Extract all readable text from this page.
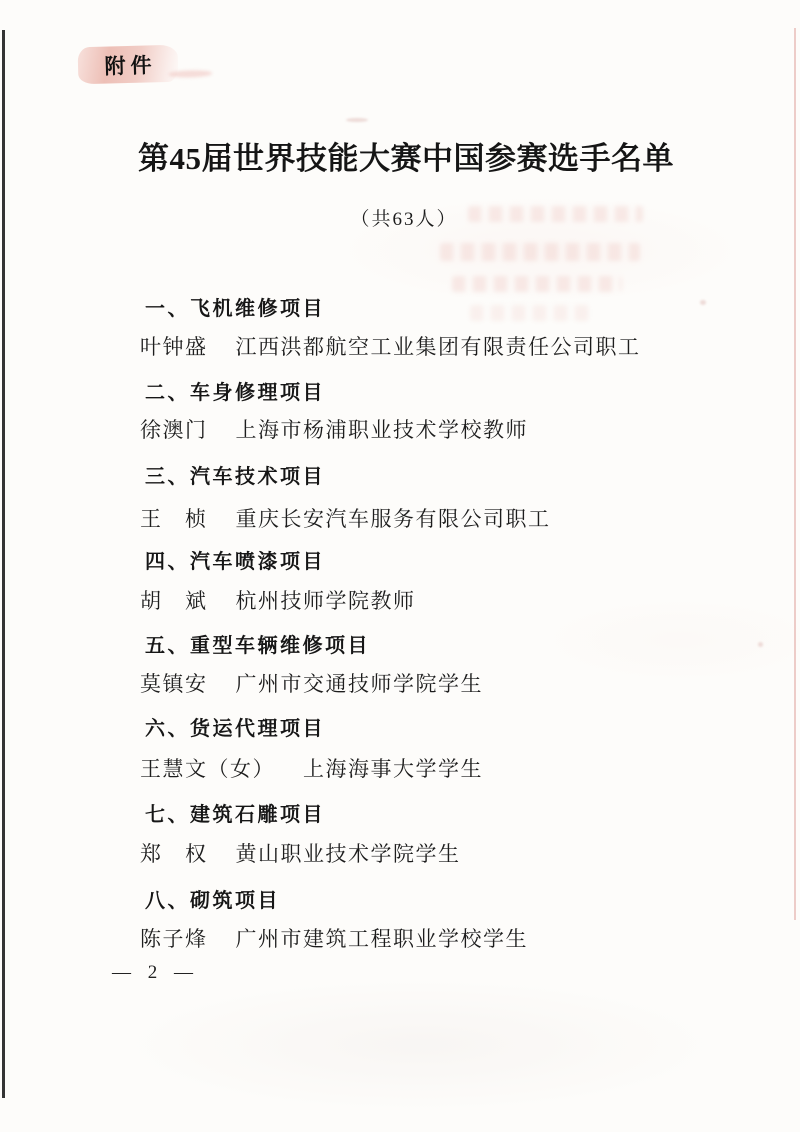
附件
第45届世界技能大赛中国参赛选手名单
（共63人）
一、飞机维修项目
叶钟盛 江西洪都航空工业集团有限责任公司职工
二、车身修理项目
徐澳门 上海市杨浦职业技术学校教师
三、汽车技术项目
王　桢 重庆长安汽车服务有限公司职工
四、汽车喷漆项目
胡　斌 杭州技师学院教师
五、重型车辆维修项目
莫镇安 广州市交通技师学院学生
六、货运代理项目
王慧文（女） 上海海事大学学生
七、建筑石雕项目
郑　权 黄山职业技术学院学生
八、砌筑项目
陈子烽 广州市建筑工程职业学校学生
— 2 —
